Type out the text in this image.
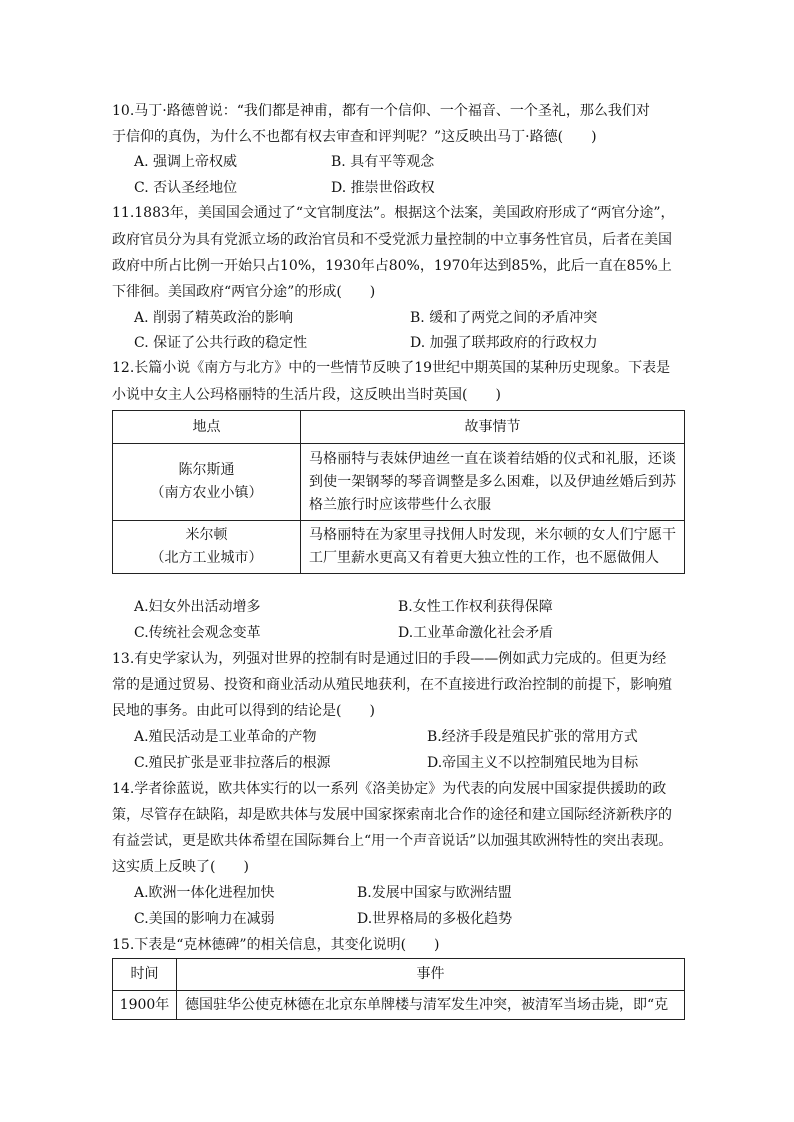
10.马丁·路德曾说：“我们都是神甫，都有一个信仰、一个福音、一个圣礼，那么我们对
于信仰的真伪，为什么不也都有权去审查和评判呢？”这反映出马丁·路德(　　)
A. 强调上帝权威	B. 具有平等观念
C. 否认圣经地位	D. 推崇世俗政权
11.1883年，美国国会通过了“文官制度法”。根据这个法案，美国政府形成了“两官分途”，
政府官员分为具有党派立场的政治官员和不受党派力量控制的中立事务性官员，后者在美国
政府中所占比例一开始只占10%，1930年占80%，1970年达到85%，此后一直在85%上
下徘徊。美国政府“两官分途”的形成(　　)
A. 削弱了精英政治的影响	B. 缓和了两党之间的矛盾冲突
C. 保证了公共行政的稳定性	D. 加强了联邦政府的行政权力
12.长篇小说《南方与北方》中的一些情节反映了19世纪中期英国的某种历史现象。下表是
小说中女主人公玛格丽特的生活片段，这反映出当时英国(　　)
地点	故事情节

陈尔斯通
（南方农业小镇）	马格丽特与表妹伊迪丝一直在谈着结婚的仪式和礼服，还谈到使一架钢琴的琴音调整是多么困难，以及伊迪丝婚后到苏格兰旅行时应该带些什么衣服

米尔顿
（北方工业城市）	马格丽特在为家里寻找佣人时发现，米尔顿的女人们宁愿干工厂里薪水更高又有着更大独立性的工作，也不愿做佣人
A.妇女外出活动增多	B.女性工作权利获得保障
C.传统社会观念变革	D.工业革命激化社会矛盾
13.有史学家认为，列强对世界的控制有时是通过旧的手段——例如武力完成的。但更为经
常的是通过贸易、投资和商业活动从殖民地获利，在不直接进行政治控制的前提下，影响殖
民地的事务。由此可以得到的结论是(　　)
A.殖民活动是工业革命的产物	B.经济手段是殖民扩张的常用方式
C.殖民扩张是亚非拉落后的根源	D.帝国主义不以控制殖民地为目标
14.学者徐蓝说，欧共体实行的以一系列《洛美协定》为代表的向发展中国家提供援助的政
策，尽管存在缺陷，却是欧共体与发展中国家探索南北合作的途径和建立国际经济新秩序的
有益尝试，更是欧共体希望在国际舞台上“用一个声音说话”以加强其欧洲特性的突出表现。
这实质上反映了(　　)
A.欧洲一体化进程加快	B.发展中国家与欧洲结盟
C.美国的影响力在减弱	D.世界格局的多极化趋势
15.下表是“克林德碑”的相关信息，其变化说明(　　)
时间	事件
1900年	德国驻华公使克林德在北京东单牌楼与清军发生冲突，被清军当场击毙，即“克
